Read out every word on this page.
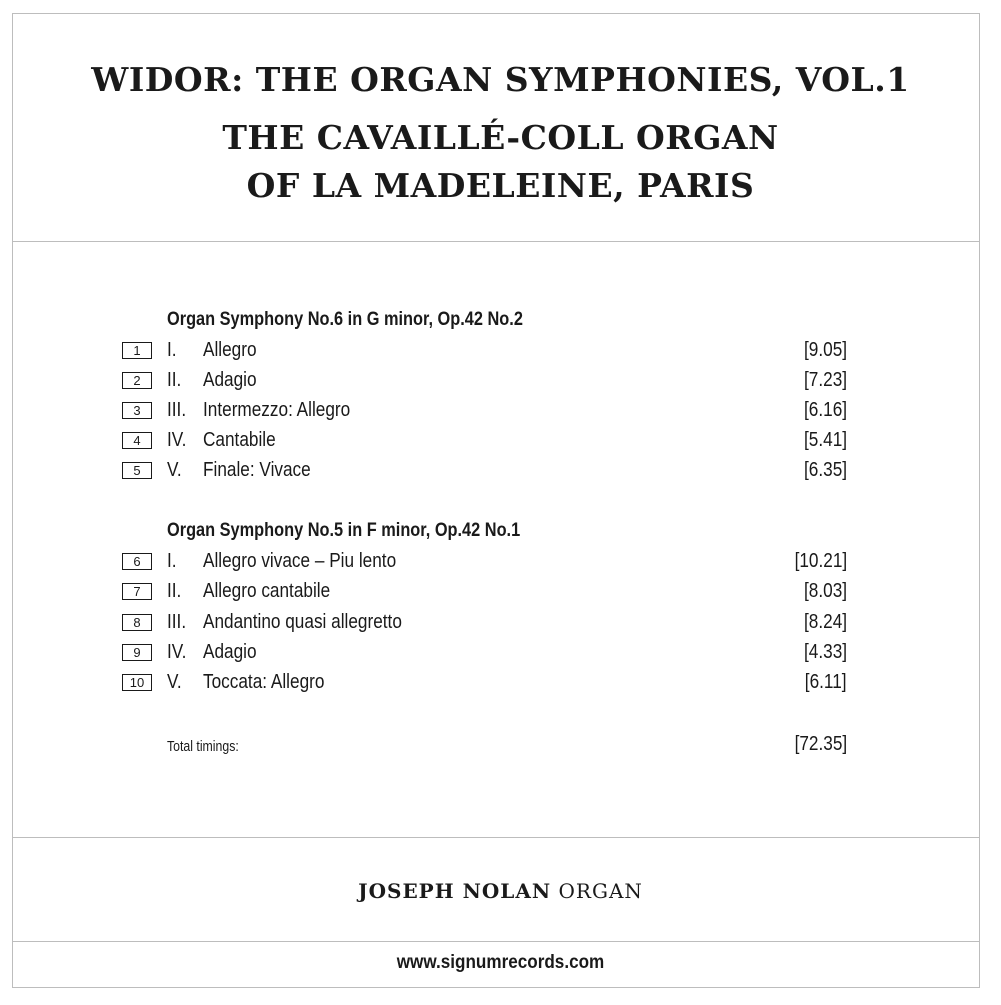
WIDOR: THE ORGAN SYMPHONIES, VOL.1
THE CAVAILLÉ-COLL ORGAN
OF LA MADELEINE, PARIS
Organ Symphony No.6 in G minor, Op.42 No.2
1	I. Allegro	[9.05]
2	II. Adagio	[7.23]
3	III. Intermezzo: Allegro	[6.16]
4	IV. Cantabile	[5.41]
5	V. Finale: Vivace	[6.35]
Organ Symphony No.5 in F minor, Op.42 No.1
6	I. Allegro vivace – Piu lento	[10.21]
7	II. Allegro cantabile	[8.03]
8	III. Andantino quasi allegretto	[8.24]
9	IV. Adagio	[4.33]
10	V. Toccata: Allegro	[6.11]
Total timings:	[72.35]
JOSEPH NOLAN ORGAN
www.signumrecords.com
